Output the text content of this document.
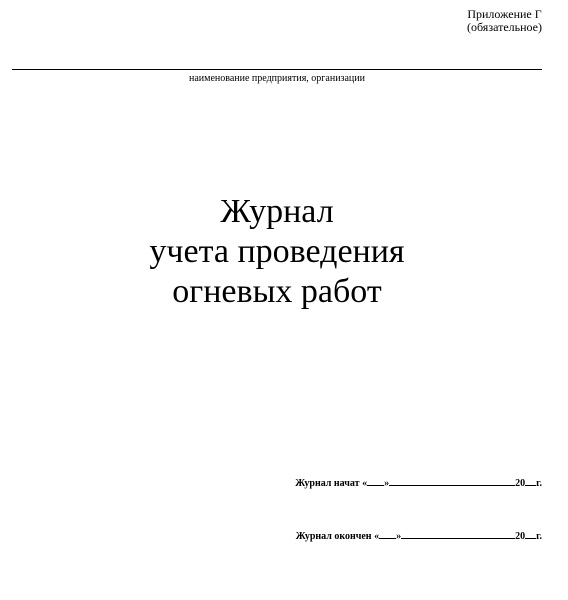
Приложение Г
(обязательное)
наименование предприятия, организации
Журнал
учета проведения
огневых работ
Журнал начат « »	20 г.
Журнал окончен « »	20 г.
